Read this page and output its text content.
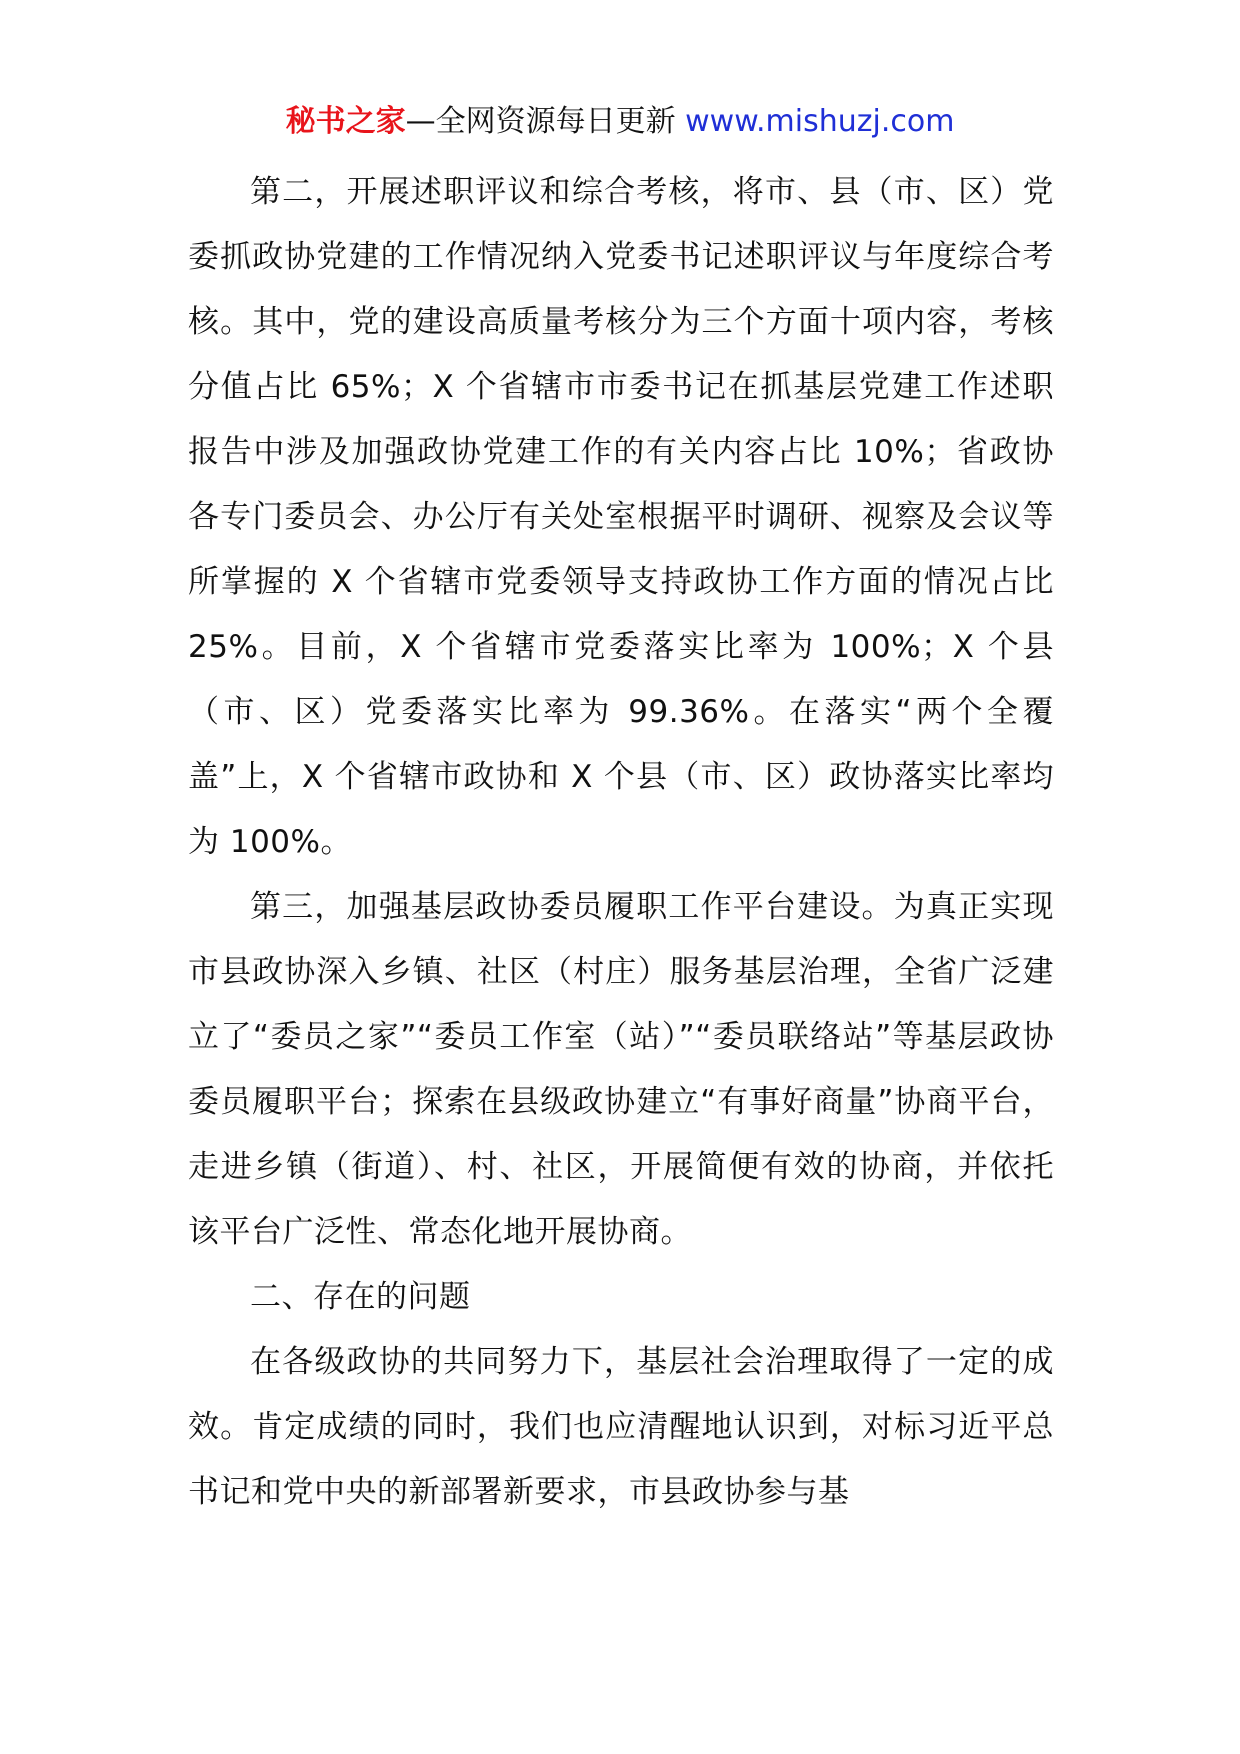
秘书之家—全网资源每日更新 www.mishuzj.com

第二，开展述职评议和综合考核，将市、县（市、区）党委抓政协党建的工作情况纳入党委书记述职评议与年度综合考核。其中，党的建设高质量考核分为三个方面十项内容，考核分值占比 65%；X 个省辖市市委书记在抓基层党建工作述职报告中涉及加强政协党建工作的有关内容占比 10%；省政协各专门委员会、办公厅有关处室根据平时调研、视察及会议等所掌握的 X 个省辖市党委领导支持政协工作方面的情况占比 25%。目前，X 个省辖市党委落实比率为 100%；X 个县（市、区）党委落实比率为 99.36%。在落实“两个全覆盖”上，X 个省辖市政协和 X 个县（市、区）政协落实比率均为 100%。

第三，加强基层政协委员履职工作平台建设。为真正实现市县政协深入乡镇、社区（村庄）服务基层治理，全省广泛建立了“委员之家”“委员工作室（站）”“委员联络站”等基层政协委员履职平台；探索在县级政协建立“有事好商量”协商平台，走进乡镇（街道）、村、社区，开展简便有效的协商，并依托该平台广泛性、常态化地开展协商。

二、存在的问题

在各级政协的共同努力下，基层社会治理取得了一定的成效。肯定成绩的同时，我们也应清醒地认识到，对标习近平总书记和党中央的新部署新要求，市县政协参与基
